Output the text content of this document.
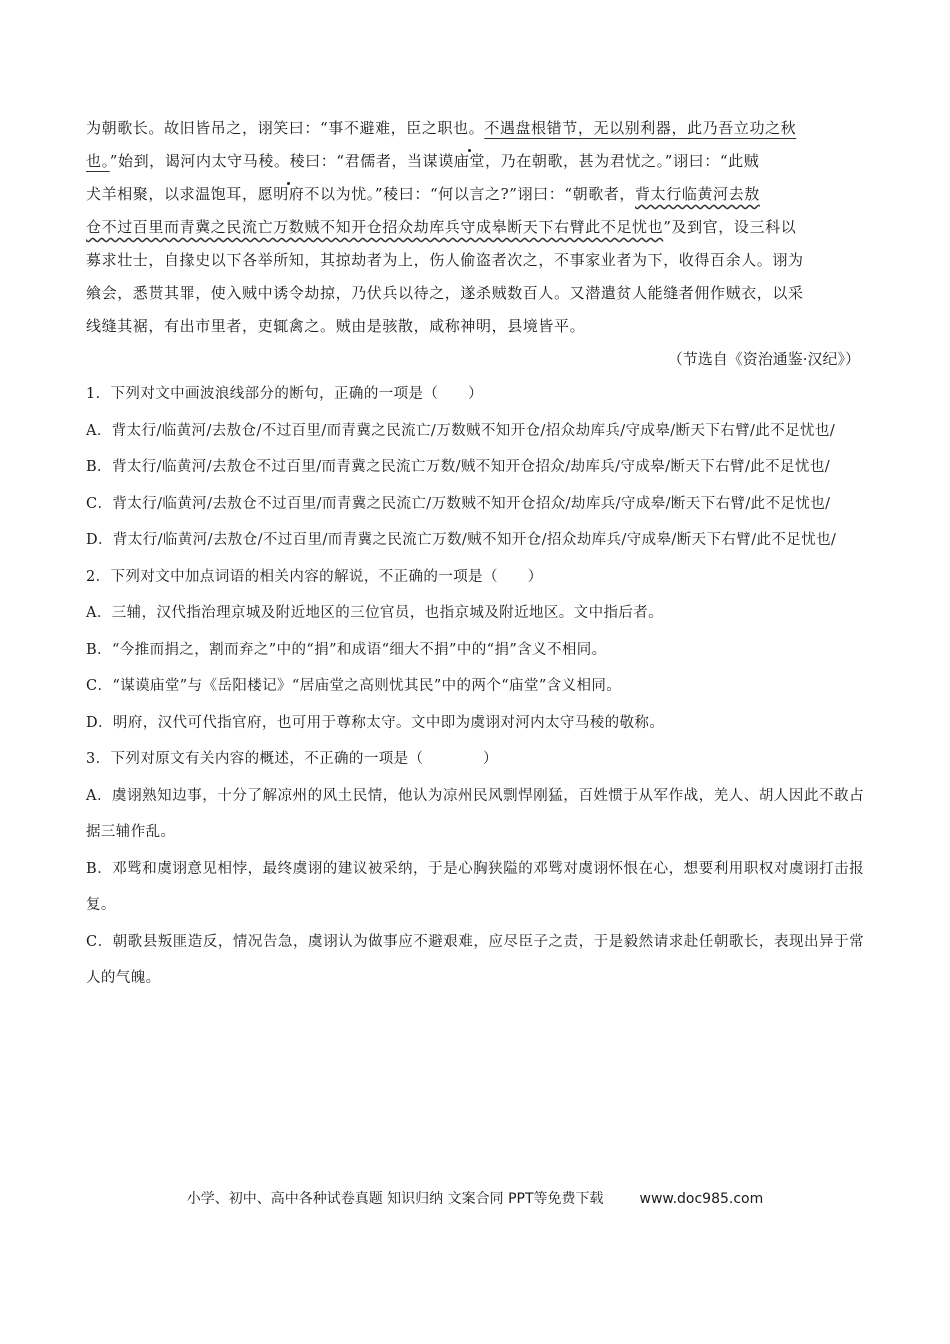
为朝歌长。故旧皆吊之，诩笑曰：“事不避难，臣之职也。不遇盘根错节，无以别利器，此乃吾立功之秋

也。”始到，谒河内太守马稜。稜曰：“君儒者，当谋谟庙堂，乃在朝歌，甚为君忧之。”诩曰：“此贼

犬羊相聚，以求温饱耳，愿明府不以为忧。”稜曰：“何以言之?”诩曰：“朝歌者，背太行临黄河去敖

仓不过百里而青冀之民流亡万数贼不知开仓招众劫库兵守成皋断天下右臂此不足忧也”及到官，设三科以

募求壮士，自掾史以下各举所知，其掠劫者为上，伤人偷盗者次之，不事家业者为下，收得百余人。诩为

飨会，悉贳其罪，使入贼中诱令劫掠，乃伏兵以待之，遂杀贼数百人。又潜遣贫人能缝者佣作贼衣，以采

线缝其裾，有出市里者，吏辄禽之。贼由是骇散，咸称神明，县境皆平。

（节选自《资治通鉴·汉纪》）

1．下列对文中画波浪线部分的断句，正确的一项是（　　）

A．背太行/临黄河/去敖仓/不过百里/而青冀之民流亡/万数贼不知开仓/招众劫库兵/守成皋/断天下右臂/此不足忧也/

B．背太行/临黄河/去敖仓不过百里/而青冀之民流亡万数/贼不知开仓招众/劫库兵/守成皋/断天下右臂/此不足忧也/

C．背太行/临黄河/去敖仓不过百里/而青冀之民流亡/万数贼不知开仓招众/劫库兵/守成皋/断天下右臂/此不足忧也/

D．背太行/临黄河/去敖仓/不过百里/而青冀之民流亡万数/贼不知开仓/招众劫库兵/守成皋/断天下右臂/此不足忧也/

2．下列对文中加点词语的相关内容的解说，不正确的一项是（　　）

A．三辅，汉代指治理京城及附近地区的三位官员，也指京城及附近地区。文中指后者。

B．“今推而捐之，割而弃之”中的“捐”和成语“细大不捐”中的“捐”含义不相同。

C．“谋谟庙堂”与《岳阳楼记》“居庙堂之高则忧其民”中的两个“庙堂”含义相同。

D．明府，汉代可代指官府，也可用于尊称太守。文中即为虞诩对河内太守马稜的敬称。

3．下列对原文有关内容的概述，不正确的一项是（　　　　）

A．虞诩熟知边事，十分了解凉州的风土民情，他认为凉州民风剽悍刚猛，百姓惯于从军作战，羌人、胡人因此不敢占据三辅作乱。

B．邓骘和虞诩意见相悖，最终虞诩的建议被采纳，于是心胸狭隘的邓骘对虞诩怀恨在心，想要利用职权对虞诩打击报复。

C．朝歌县叛匪造反，情况告急，虞诩认为做事应不避艰难，应尽臣子之责，于是毅然请求赴任朝歌长，表现出异于常人的气魄。

小学、初中、高中各种试卷真题 知识归纳 文案合同 PPT等免费下载	www.doc985.com
